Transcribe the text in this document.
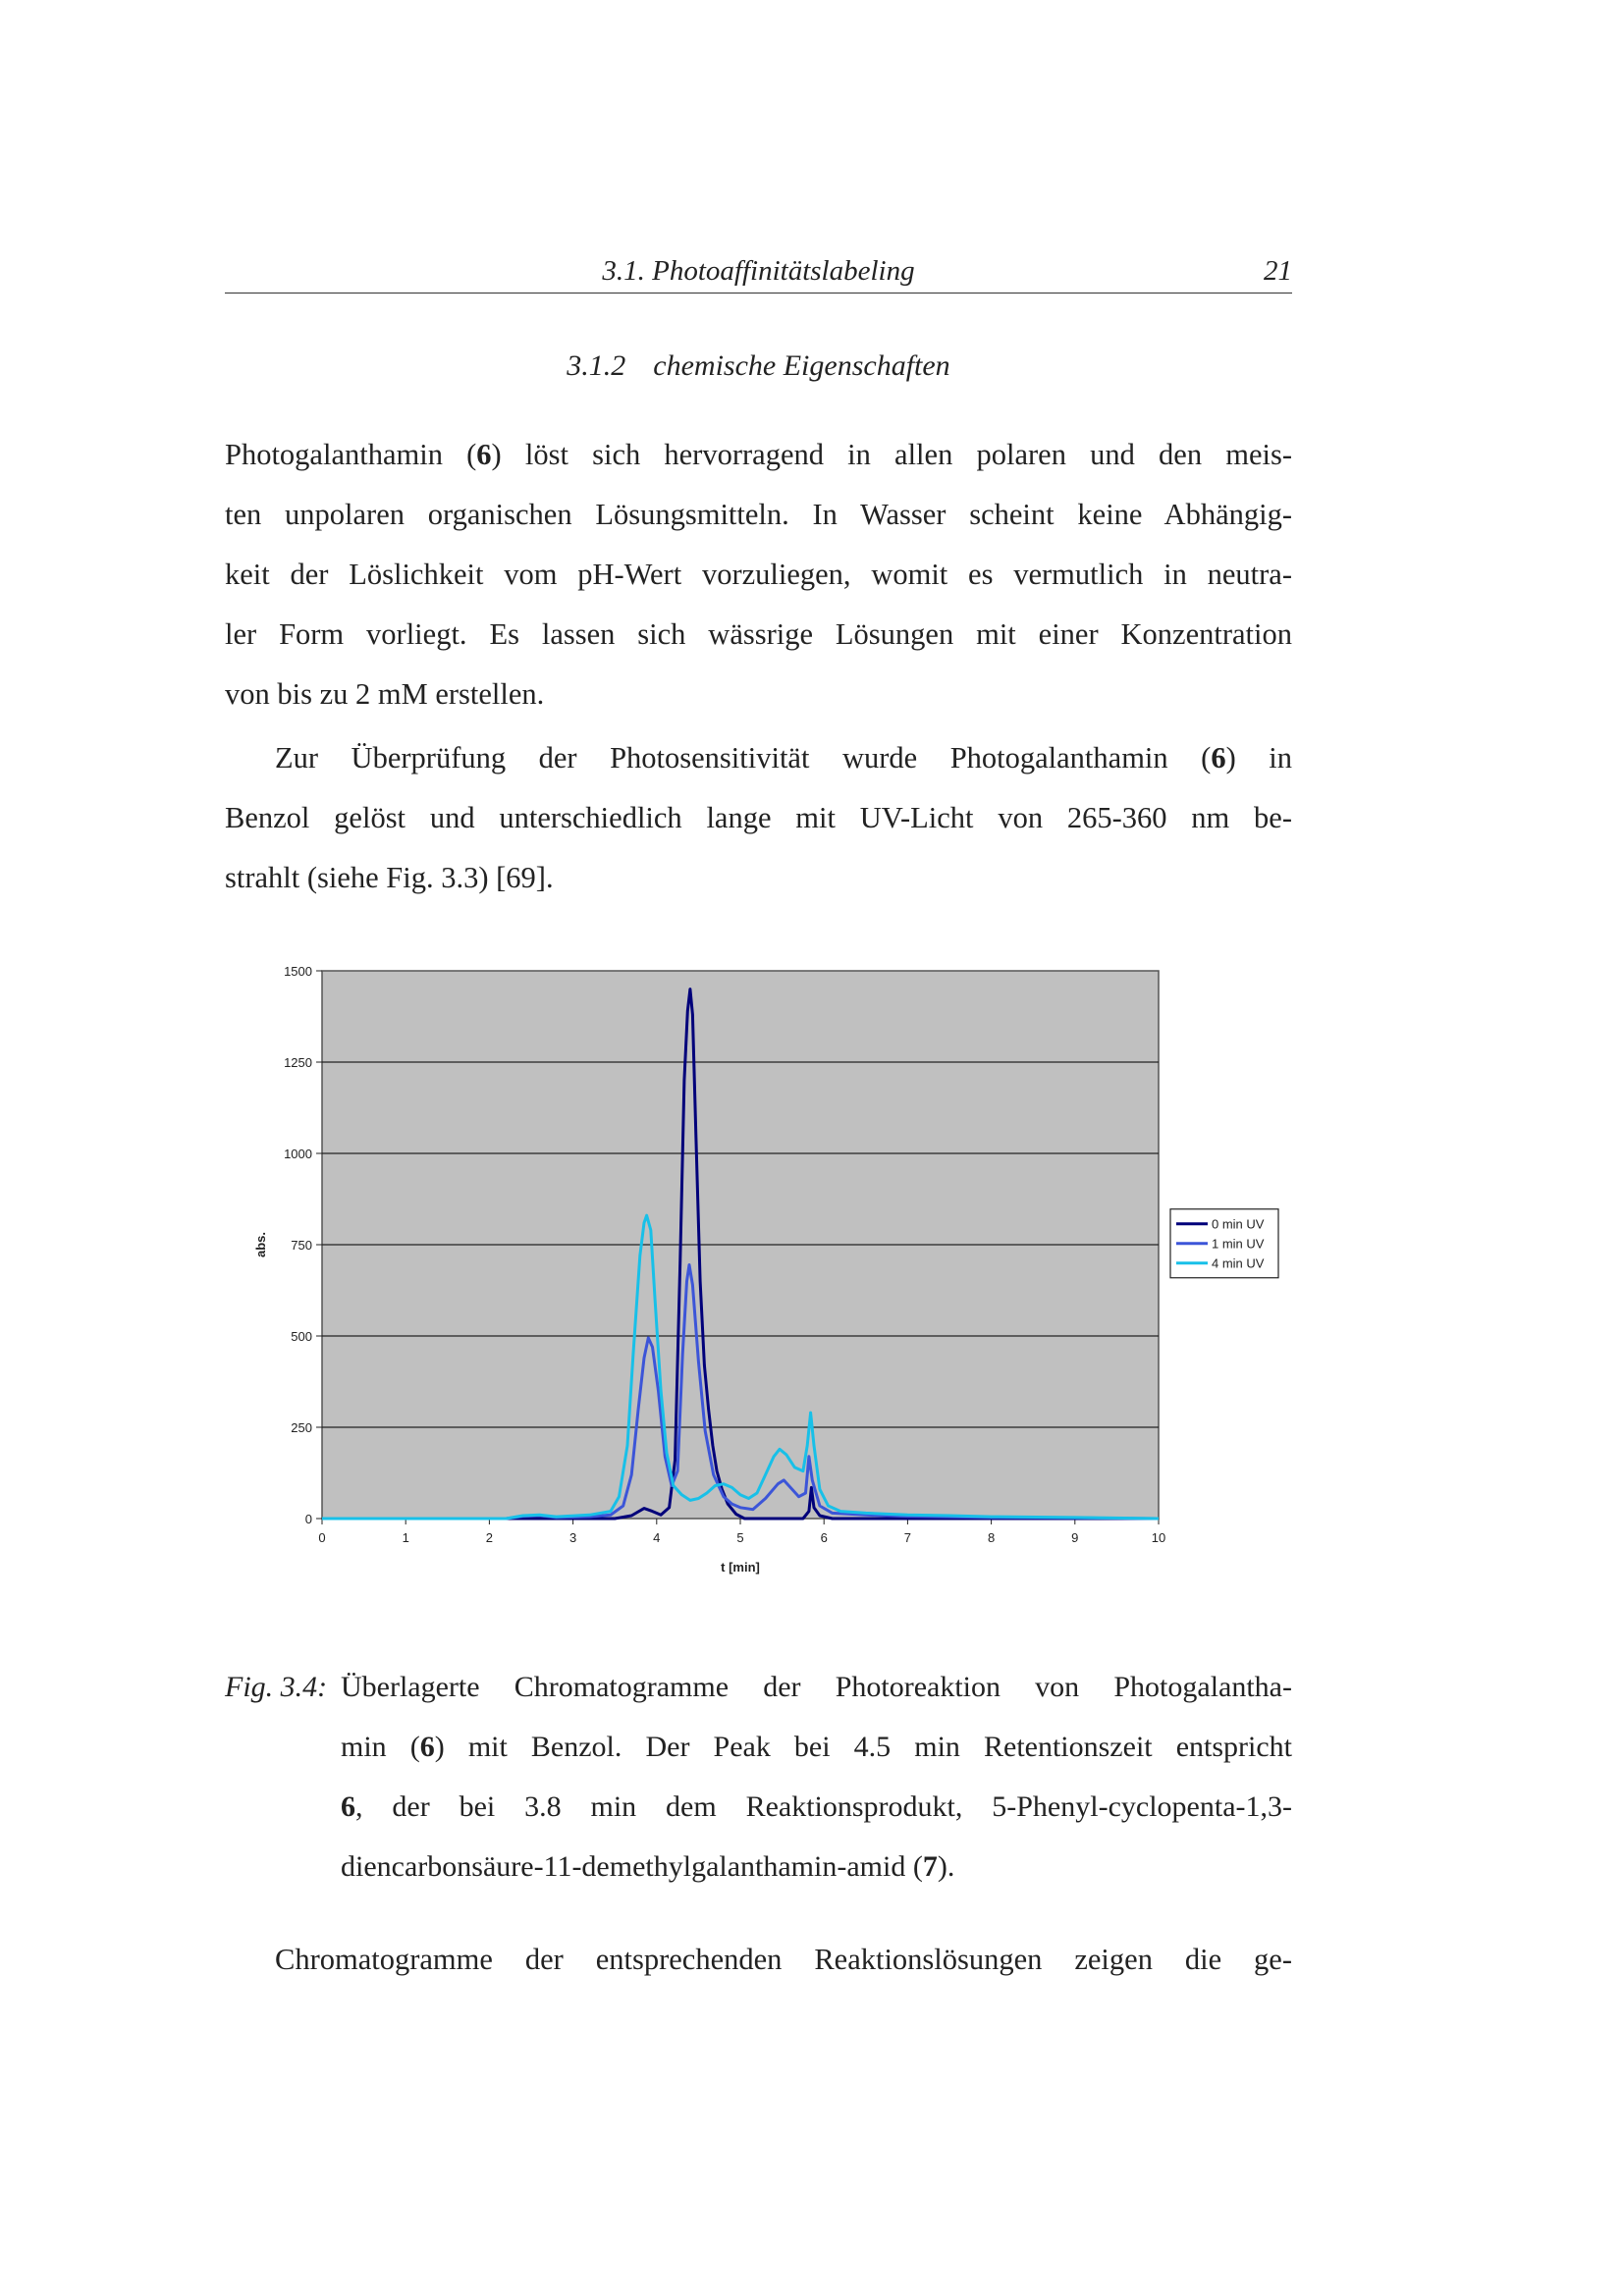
3.1. Photoaffinitätslabeling	21
3.1.2 chemische Eigenschaften
Photogalanthamin (6) löst sich hervorragend in allen polaren und den meis-
ten unpolaren organischen Lösungsmitteln. In Wasser scheint keine Abhängig-
keit der Löslichkeit vom pH-Wert vorzuliegen, womit es vermutlich in neutra-
ler Form vorliegt. Es lassen sich wässrige Lösungen mit einer Konzentration
von bis zu 2 mM erstellen.
Zur Überprüfung der Photosensitivität wurde Photogalanthamin (6) in
Benzol gelöst und unterschiedlich lange mit UV-Licht von 265-360 nm be-
strahlt (siehe Fig. 3.3) [69].
0
250
500
750
1000
1250
1500
0	1	2	3	4	5	6	7	8	9	10
t [min]
abs.
0 min UV
1 min UV
4 min UV
Fig. 3.4: Überlagerte Chromatogramme der Photoreaktion von Photogalantha-
min (6) mit Benzol. Der Peak bei 4.5 min Retentionszeit entspricht
6, der bei 3.8 min dem Reaktionsprodukt, 5-Phenyl-cyclopenta-1,3-
diencarbonsäure-11-demethylgalanthamin-amid (7).
Chromatogramme der entsprechenden Reaktionslösungen zeigen die ge-
